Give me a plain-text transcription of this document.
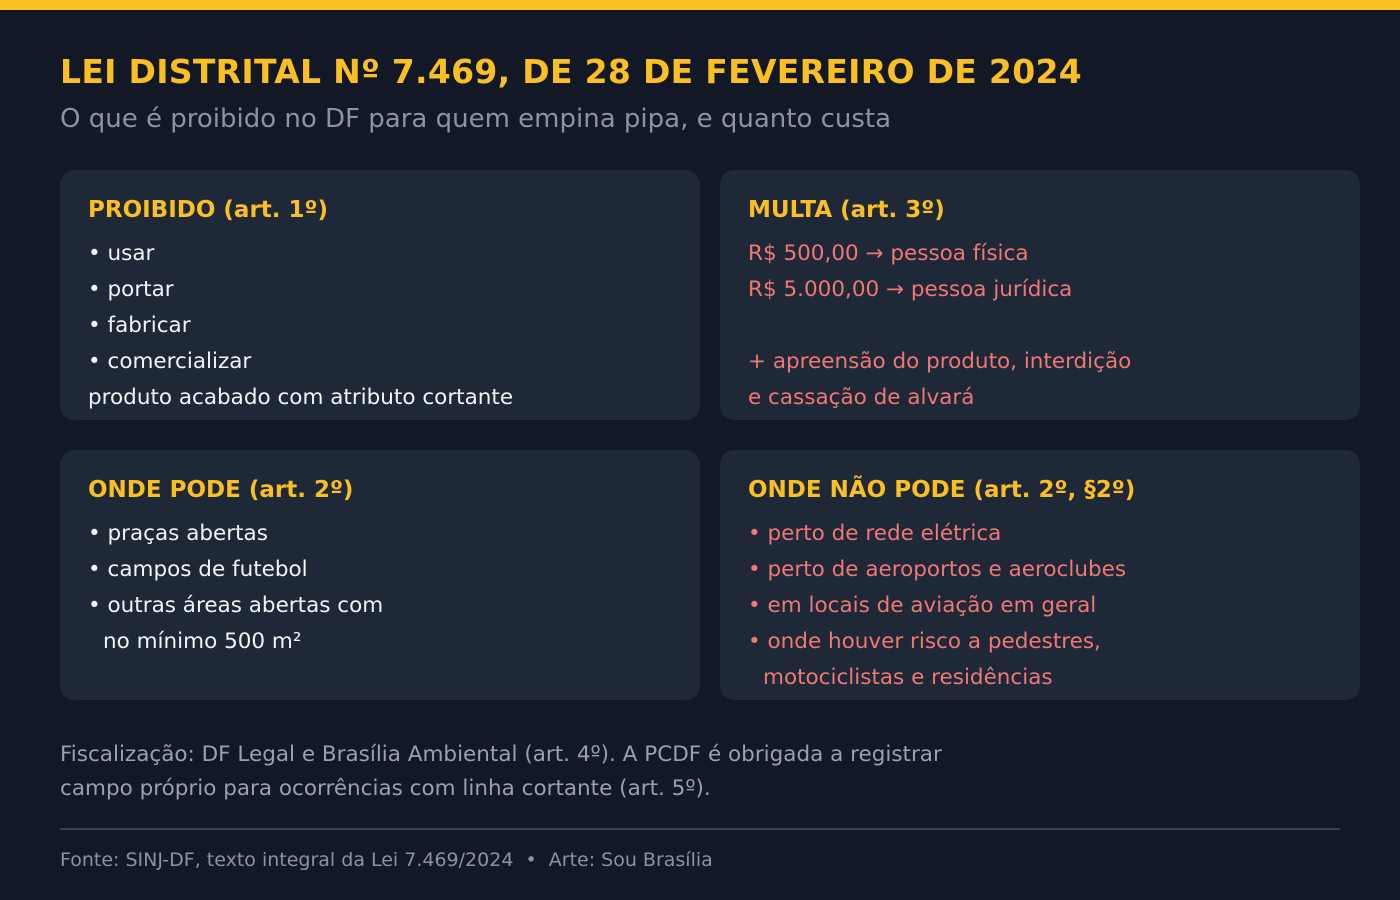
LEI DISTRITAL Nº 7.469, DE 28 DE FEVEREIRO DE 2024
O que é proibido no DF para quem empina pipa, e quanto custa
PROIBIDO (art. 1º)
• usar
• portar
• fabricar
• comercializar
produto acabado com atributo cortante
MULTA (art. 3º)
R$ 500,00 → pessoa física
R$ 5.000,00 → pessoa jurídica
+ apreensão do produto, interdição
e cassação de alvará
ONDE PODE (art. 2º)
• praças abertas
• campos de futebol
• outras áreas abertas com
no mínimo 500 m²
ONDE NÃO PODE (art. 2º, §2º)
• perto de rede elétrica
• perto de aeroportos e aeroclubes
• em locais de aviação em geral
• onde houver risco a pedestres,
motociclistas e residências
Fiscalização: DF Legal e Brasília Ambiental (art. 4º). A PCDF é obrigada a registrar
campo próprio para ocorrências com linha cortante (art. 5º).
Fonte: SINJ-DF, texto integral da Lei 7.469/2024  •  Arte: Sou Brasília
